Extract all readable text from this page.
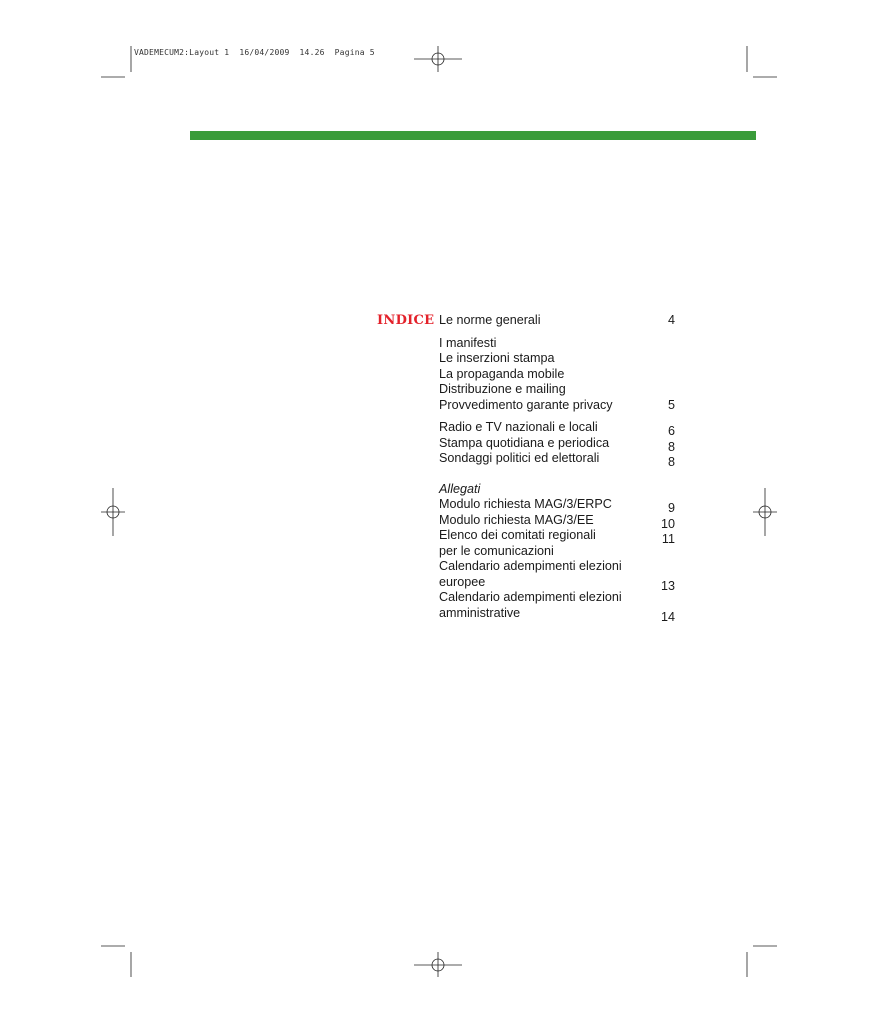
VADEMECUM2:Layout 1  16/04/2009  14.26  Pagina 5
INDICE Le norme generali	4
I manifesti
Le inserzioni stampa
La propaganda mobile
Distribuzione e mailing
Provvedimento garante privacy	5
Radio e TV nazionali e locali	6
Stampa quotidiana e periodica	8
Sondaggi politici ed elettorali	8
Allegati
Modulo richiesta MAG/3/ERPC	9
Modulo richiesta MAG/3/EE	10
Elenco dei comitati regionali	11
per le comunicazioni
Calendario adempimenti elezioni
europee	13
Calendario adempimenti elezioni
amministrative	14
